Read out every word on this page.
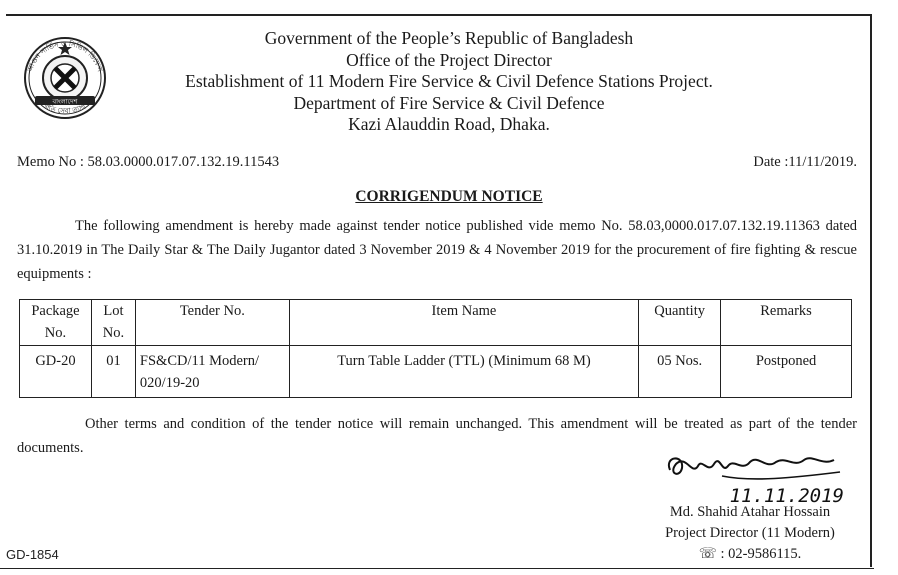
আগুন সার্ভিস ও সিভিল ডিফেন্স
বাংলাদেশ
গতি সেবা ত্যাগ
Government of the People’s Republic of Bangladesh
Office of the Project Director
Establishment of 11 Modern Fire Service & Civil Defence Stations Project.
Department of Fire Service & Civil Defence
Kazi Alauddin Road, Dhaka.
Memo No : 58.03.0000.017.07.132.19.11543	Date :11/11/2019.
CORRIGENDUM NOTICE

The following amendment is hereby made against tender notice published vide memo No. 58.03,0000.017.07.132.19.11363 dated 31.10.2019 in The Daily Star & The Daily Jugantor dated 3 November 2019 & 4 November 2019 for the procurement of fire fighting & rescue equipments :

Package No.	Lot No.	Tender No.	Item Name	Quantity	Remarks
GD-20	01	FS&CD/11 Modern/ 020/19-20	Turn Table Ladder (TTL) (Minimum 68 M)	05 Nos.	Postponed

Other terms and condition of the tender notice will remain unchanged. This amendment will be treated as part of the tender documents.

11.11.2019
Md. Shahid Atahar Hossain
Project Director (11 Modern)
☏ : 02-9586115.
GD-1854
